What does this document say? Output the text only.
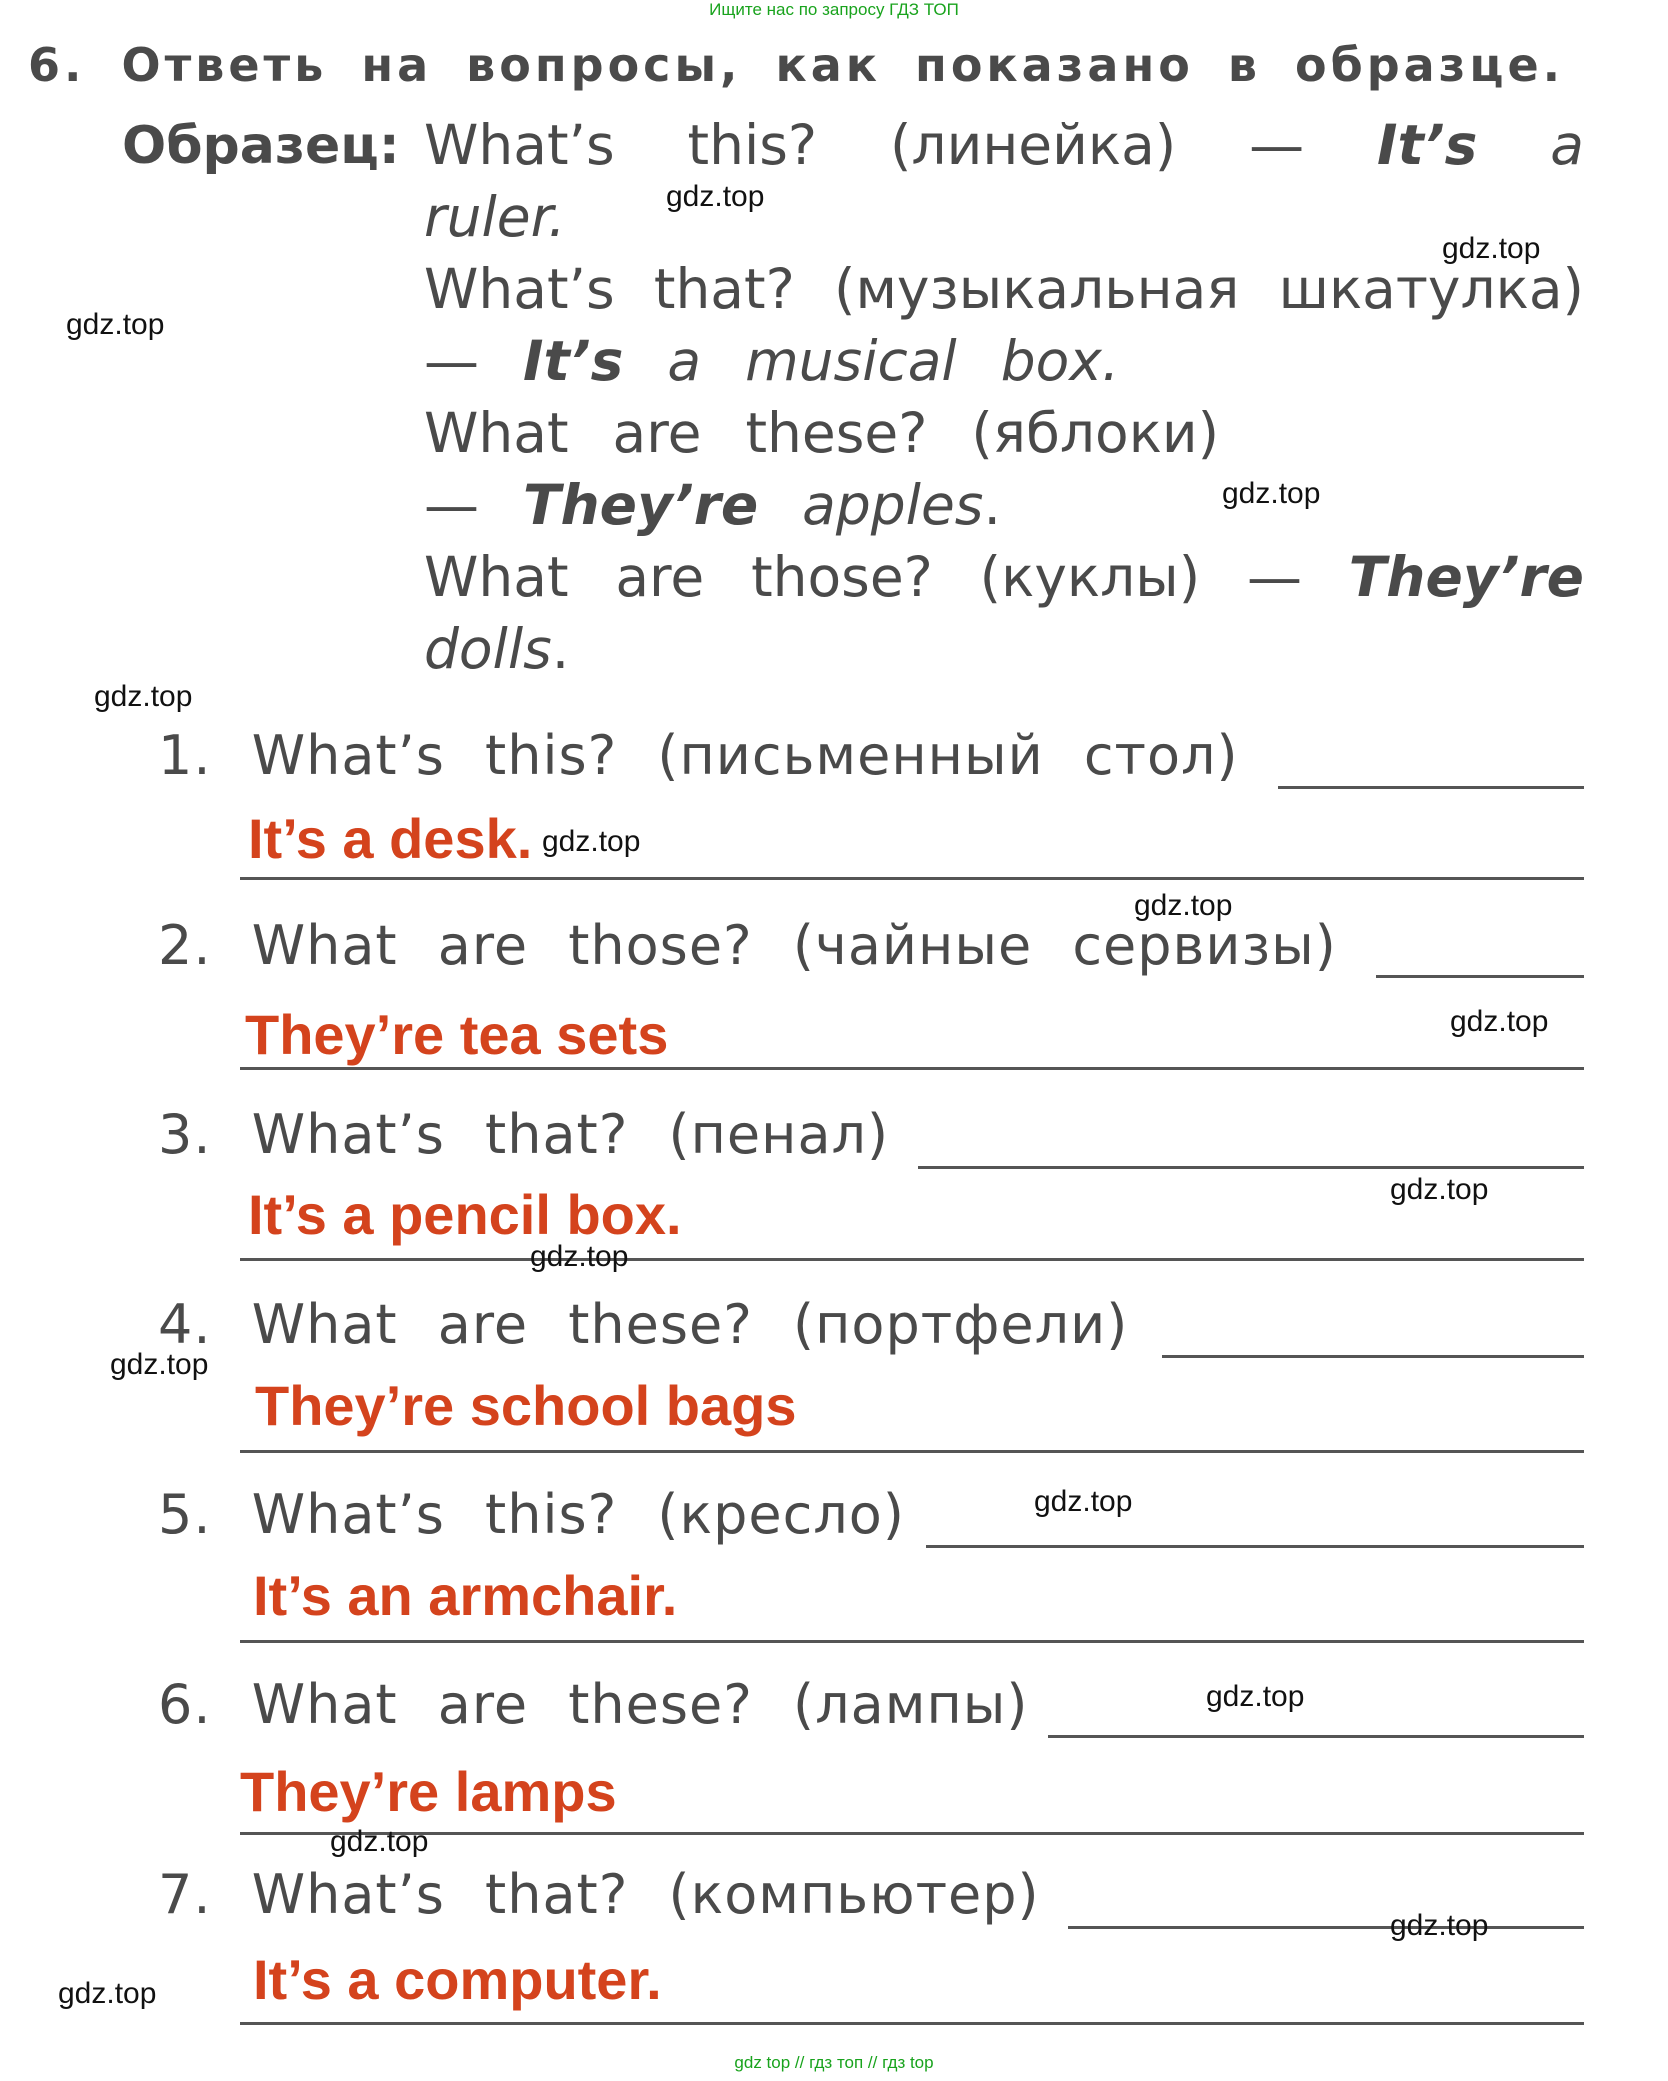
Ищите нас по запросу ГДЗ ТОП
gdz top // гдз топ // гдз top
6. Ответь на вопросы, как показано в образце.
Образец: What’s this? (линейка) — It’s a
ruler.
What’s that? (музыкальная шкатулка)
— It’s a musical box.
What are these? (яблоки)
— They’re apples.
What are those? (куклы) — They’re
dolls.
1. What’s this? (письменный стол)
It’s a desk.
2. What are those? (чайные сервизы)
They’re tea sets
3. What’s that? (пенал)
It’s a pencil box.
4. What are these? (портфели)
They’re school bags
5. What’s this? (кресло)
It’s an armchair.
6. What are these? (лампы)
They’re lamps
7. What’s that? (компьютер)
It’s a computer.
gdz.top
gdz.top
gdz.top
gdz.top
gdz.top
gdz.top
gdz.top
gdz.top
gdz.top
gdz.top
gdz.top
gdz.top
gdz.top
gdz.top
gdz.top
gdz.top
